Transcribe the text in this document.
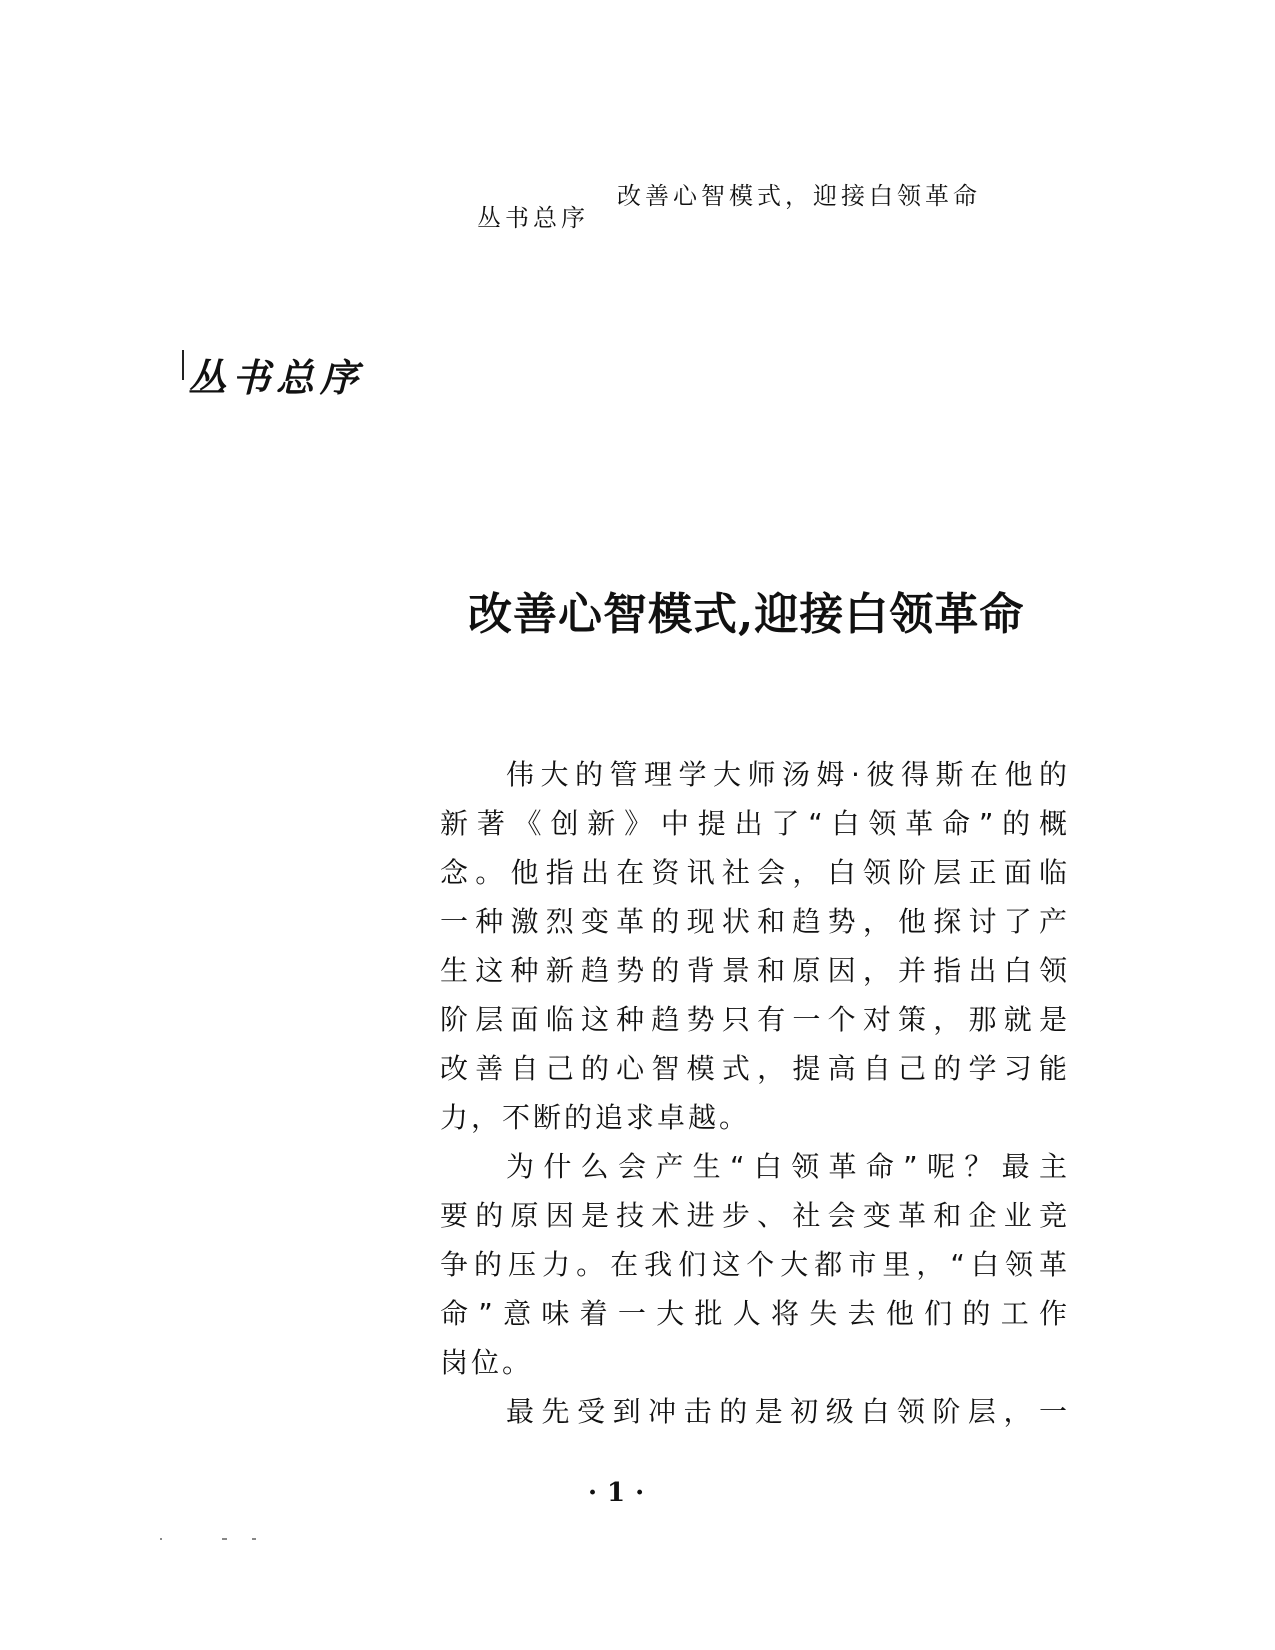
丛书总序
改善心智模式，迎接白领革命
丛书总序
改善心智模式,迎接白领革命
伟大的管理学大师汤姆·彼得斯在他的
新著《创新》中提出了“白领革命”的概
念。他指出在资讯社会，白领阶层正面临
一种激烈变革的现状和趋势，他探讨了产
生这种新趋势的背景和原因，并指出白领
阶层面临这种趋势只有一个对策，那就是
改善自己的心智模式，提高自己的学习能
力，不断的追求卓越。
为什么会产生“白领革命”呢？最主
要的原因是技术进步、社会变革和企业竞
争的压力。在我们这个大都市里，“白领革
命”意味着一大批人将失去他们的工作
岗位。
最先受到冲击的是初级白领阶层，一
·1·
